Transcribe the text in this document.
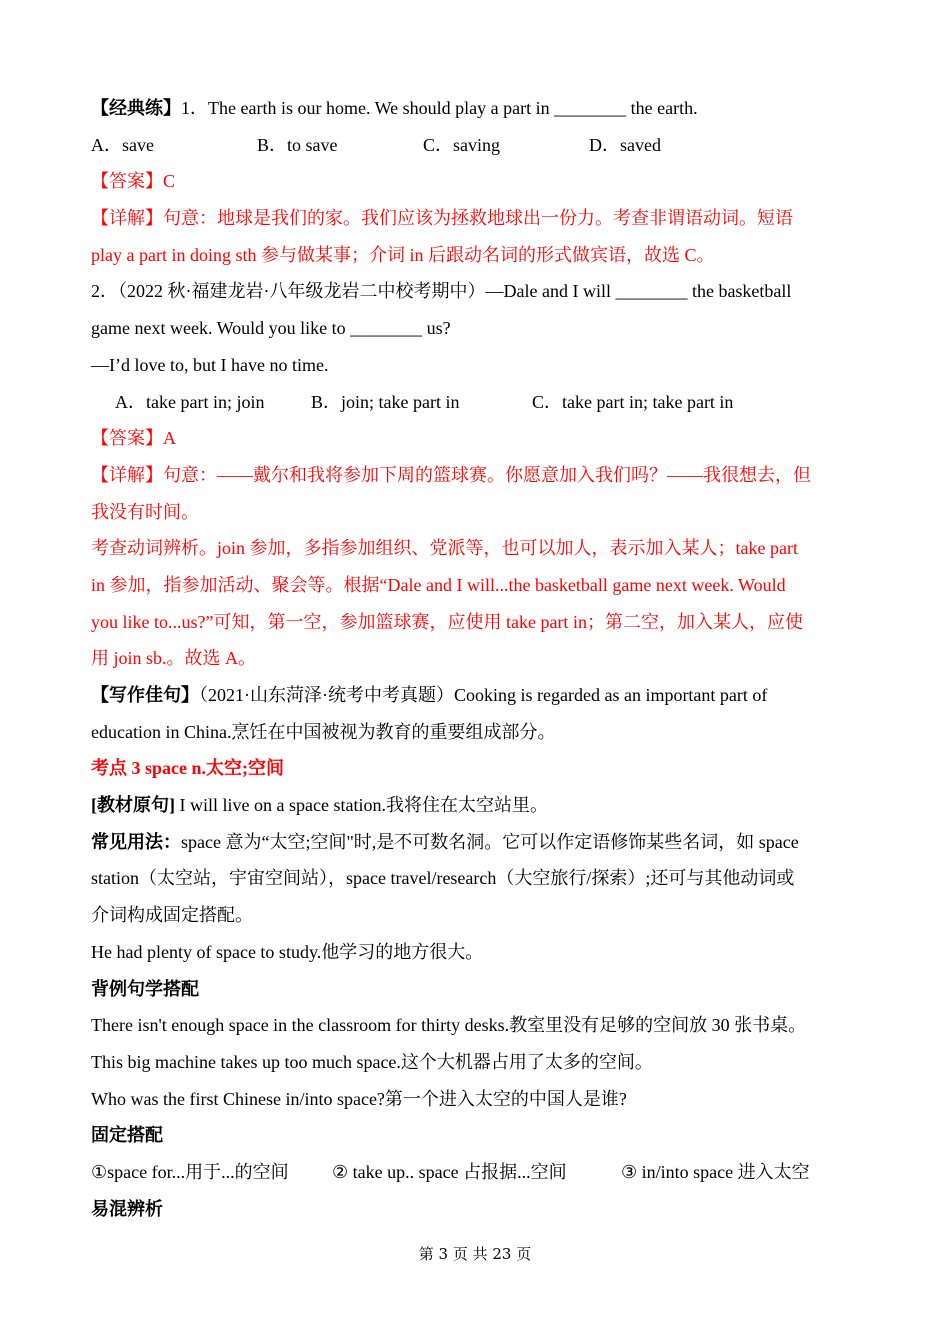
【经典练】1．The earth is our home. We should play a part in ________ the earth.
A．save	B．to save	C．saving	D．saved
【答案】C
【详解】句意：地球是我们的家。我们应该为拯救地球出一份力。考查非谓语动词。短语
play a part in doing sth 参与做某事；介词 in 后跟动名词的形式做宾语，故选 C。
2．（2022 秋·福建龙岩·八年级龙岩二中校考期中）—Dale and I will ________ the basketball
game next week. Would you like to ________ us?
—I’d love to, but I have no time.
A．take part in; join	B．join; take part in	C．take part in; take part in
【答案】A
【详解】句意：——戴尔和我将参加下周的篮球赛。你愿意加入我们吗？——我很想去，但
我没有时间。
考查动词辨析。join 参加，多指参加组织、党派等，也可以加人，表示加入某人；take part
in 参加，指参加活动、聚会等。根据“Dale and I will...the basketball game next week. Would
you like to...us?”可知，第一空，参加篮球赛，应使用 take part in；第二空，加入某人，应使
用 join sb.。故选 A。
【写作佳句】（2021·山东菏泽·统考中考真题）Cooking is regarded as an important part of
education in China.烹饪在中国被视为教育的重要组成部分。
考点 3 space n.太空;空间
[教材原句] I will live on a space station.我将住在太空站里。
常见用法：space 意为“太空;空间"时,是不可数名洞。它可以作定语修饰某些名词，如 space
station（太空站，宇宙空间站），space travel/research（大空旅行/探索）;还可与其他动词或
介词构成固定搭配。
He had plenty of space to study.他学习的地方很大。
背例句学搭配
There isn't enough space in the classroom for thirty desks.教室里没有足够的空间放 30 张书桌。
This big machine takes up too much space.这个大机器占用了太多的空间。
Who was the first Chinese in/into space?第一个进入太空的中国人是谁?
固定搭配
①space for...用于...的空间 ② take up.. space 占报据...空间	③ in/into space 进入太空
易混辨析
第 3 页 共 23 页
